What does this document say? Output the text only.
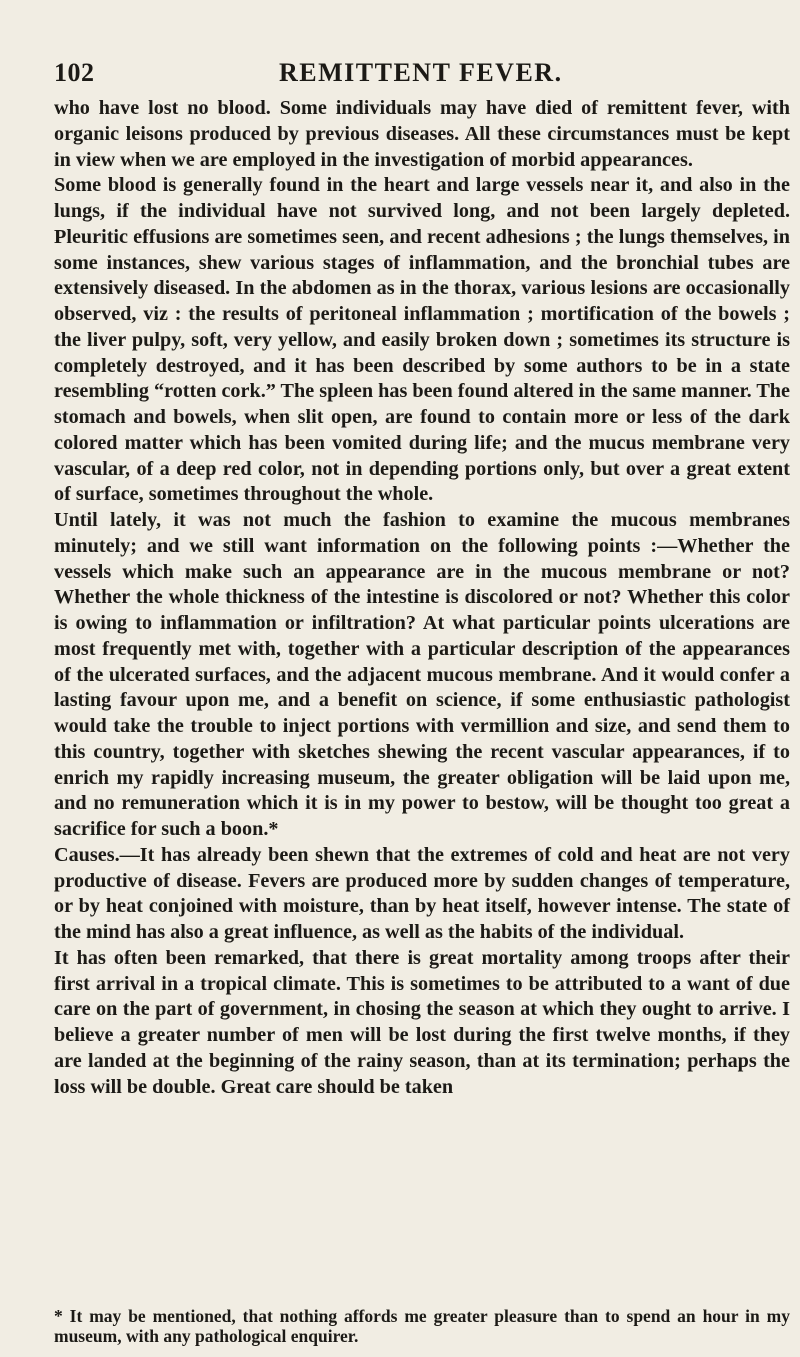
102	REMITTENT FEVER.

who have lost no blood. Some individuals may have died of remittent fever, with organic leisons produced by previous diseases. All these circumstances must be kept in view when we are employed in the investigation of morbid appearances.

Some blood is generally found in the heart and large vessels near it, and also in the lungs, if the individual have not survived long, and not been largely depleted. Pleuritic effusions are sometimes seen, and recent adhesions ; the lungs themselves, in some instances, shew various stages of inflammation, and the bronchial tubes are extensively diseased. In the abdomen as in the thorax, various lesions are occasionally observed, viz : the results of peritoneal inflammation ; mortification of the bowels ; the liver pulpy, soft, very yellow, and easily broken down ; sometimes its structure is completely destroyed, and it has been described by some authors to be in a state resembling “rotten cork.” The spleen has been found altered in the same manner. The stomach and bowels, when slit open, are found to contain more or less of the dark colored matter which has been vomited during life; and the mucus membrane very vascular, of a deep red color, not in depending portions only, but over a great extent of surface, sometimes throughout the whole.

Until lately, it was not much the fashion to examine the mucous membranes minutely; and we still want information on the following points :—Whether the vessels which make such an appearance are in the mucous membrane or not? Whether the whole thickness of the intestine is discolored or not? Whether this color is owing to inflammation or infiltration? At what particular points ulcerations are most frequently met with, together with a particular description of the appearances of the ulcerated surfaces, and the adjacent mucous membrane. And it would confer a lasting favour upon me, and a benefit on science, if some enthusiastic pathologist would take the trouble to inject portions with vermillion and size, and send them to this country, together with sketches shewing the recent vascular appearances, if to enrich my rapidly increasing museum, the greater obligation will be laid upon me, and no remuneration which it is in my power to bestow, will be thought too great a sacrifice for such a boon.*

Causes.—It has already been shewn that the extremes of cold and heat are not very productive of disease. Fevers are produced more by sudden changes of temperature, or by heat conjoined with moisture, than by heat itself, however intense. The state of the mind has also a great influence, as well as the habits of the individual.

It has often been remarked, that there is great mortality among troops after their first arrival in a tropical climate. This is sometimes to be attributed to a want of due care on the part of government, in chosing the season at which they ought to arrive. I believe a greater number of men will be lost during the first twelve months, if they are landed at the beginning of the rainy season, than at its termination; perhaps the loss will be double. Great care should be taken

* It may be mentioned, that nothing affords me greater pleasure than to spend an hour in my museum, with any pathological enquirer.
